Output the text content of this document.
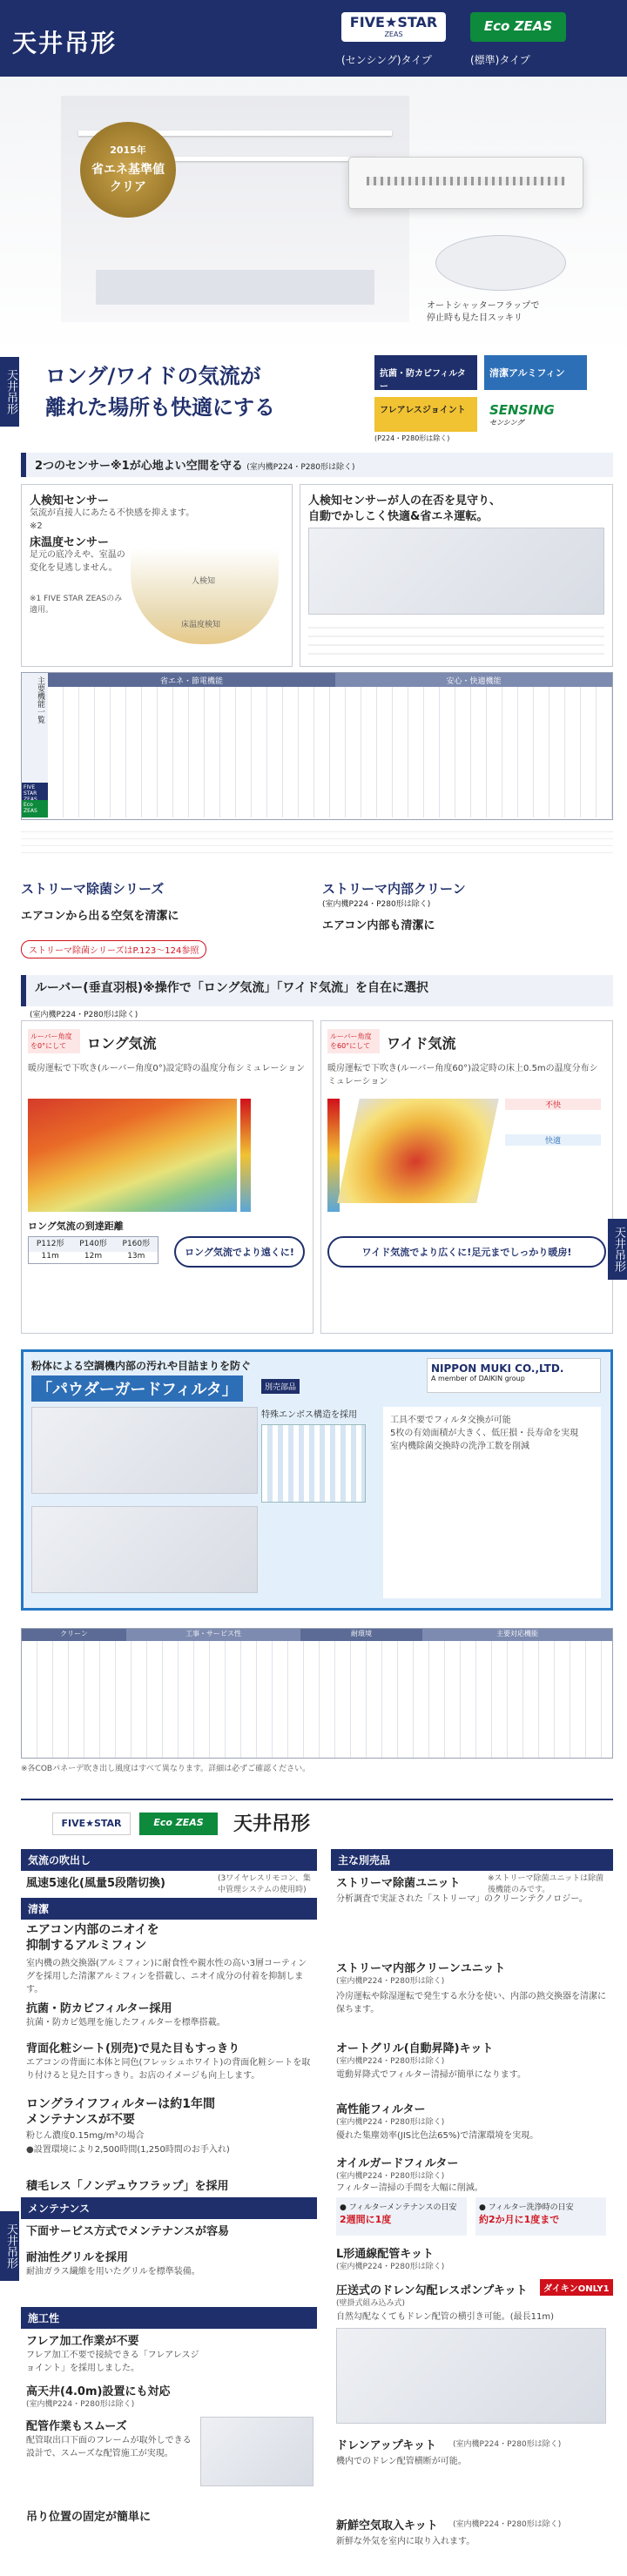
天井吊形
FIVE★STAR
ZEAS
Eco ZEAS
(センシング)タイプ	(標準)タイプ
2015年
省エネ基準値
クリア
オートシャッターフラップで
停止時も見た目スッキリ
天井吊形 ロング/ワイドの気流が
離れた場所も快適にする
抗菌・防カビフィルター
清潔アルミフィン
フレアレスジョイント
(P224・P280形は除く)
SENSING
センシング
2つのセンサー※1が心地よい空間を守る (室内機P224・P280形は除く)
人検知センサー
気流が直接人にあたる不快感を抑えます。※2
床温度センサー
足元の底冷えや、室温の変化を見逃しません。
※1 FIVE STAR ZEASのみ適用。
人検知
床温度検知
人検知センサーが人の在否を見守り、
自動でかしこく快適&省エネ運転。
主要機能一覧	省エネ・節電機能	安心・快適機能
FIVE STAR
Eco ZEAS
ストリーマ除菌シリーズ
エアコンから出る空気を清潔に
ストリーマ除菌シリーズはP.123〜124参照
ストリーマ内部クリーン
(室内機P224・P280形は除く)
エアコン内部も清潔に
ルーバー(垂直羽根)※操作で「ロング気流」「ワイド気流」を自在に選択
(室内機P224・P280形は除く)
ルーバー角度を0°にして	ロング気流
暖房運転で下吹き(ルーバー角度0°)設定時の温度分布シミュレーション
ロング気流の到達距離
P112形	P140形	P160形
11m	12m	13m	ロング気流でより遠くに!
ルーバー角度を60°にして	ワイド気流
暖房運転で下吹き(ルーバー角度60°)設定時の床上0.5mの温度分布シミュレーション
不快
快適
ワイド気流でより広くに!足元までしっかり暖房!	天井吊形
粉体による空調機内部の汚れや目詰まりを防ぐ
「パウダーガードフィルタ」	別売部品
NIPPON MUKI CO.,LTD.
A member of DAIKIN group
特殊エンボス構造を採用
工具不要でフィルタ交換が可能
5枚の有効面積が大きく、低圧損・長寿命を実現
室内機除菌交換時の洗浄工数を削減
クリーン	工事・サービス性	耐環境	主要対応機能
※各COBパネーデ吹き出し風度はすべて異なります。詳細は必ずご確認ください。
FIVE★STAR	Eco ZEAS	天井吊形
天井吊形
気流の吹出し
風速5速化(風量5段階切換)	(3ワイヤレスリモコン、集中管理システムの使用時)
清潔
エアコン内部のニオイを
抑制するアルミフィン
室内機の熱交換器(アルミフィン)に耐食性や親水性の高い3層コーティングを採用した清潔アルミフィンを搭載し、ニオイ成分の付着を抑制します。
抗菌・防カビフィルター採用
抗菌・防カビ処理を施したフィルターを標準搭載。
背面化粧シート(別売)で見た目もすっきり
エアコンの背面に本体と同色(フレッシュホワイト)の背面化粧シートを取り付けると見た目すっきり。お店のイメージも向上します。
ロングライフフィルターは約1年間
メンテナンスが不要
粉じん濃度0.15mg/m³の場合
●設置環境により2,500時間(1,250時間のお手入れ)
積毛レス「ノンデュウフラップ」を採用
メンテナンス
下面サービス方式でメンテナンスが容易
耐油性グリルを採用
耐油ガラス繊維を用いたグリルを標準装備。
施工性
フレア加工作業が不要
フレア加工不要で接続できる「フレアレスジョイント」を採用しました。
高天井(4.0m)設置にも対応
(室内機P224・P280形は除く)
配管作業もスムーズ
配管取出口下面のフレームが取外しできる設計で、スムーズな配管施工が実現。
吊り位置の固定が簡単に
主な別売品
ストリーマ除菌ユニット	※ストリーマ除菌ユニットは除菌後機能のみです。
分析調査で実証された「ストリーマ」のクリーンテクノロジー。
ストリーマ内部クリーンユニット
(室内機P224・P280形は除く)
冷房運転や除湿運転で発生する水分を使い、内部の熱交換器を清潔に保ちます。
オートグリル(自動昇降)キット
(室内機P224・P280形は除く)
電動昇降式でフィルター清掃が簡単になります。
高性能フィルター
(室内機P224・P280形は除く)
優れた集塵効率(JIS比色法65%)で清潔環境を実現。
オイルガードフィルター
(室内機P224・P280形は除く)
フィルター清掃の手間を大幅に削減。
● フィルターメンテナンスの日安
2週間に1度
● フィルター洗浄時の日安
約2か月に1度まで
L形通線配管キット
(室内機P224・P280形は除く)
圧送式のドレン勾配レスポンプキット	ダイキンONLY1
(壁掛式組み込み式)
自然勾配なくてもドレン配管の横引き可能。(最長11m)
ドレンアップキット (室内機P224・P280形は除く)
機内でのドレン配管横断が可能。
新鮮空気取入キット (室内機P224・P280形は除く)
新鮮な外気を室内に取り入れます。
